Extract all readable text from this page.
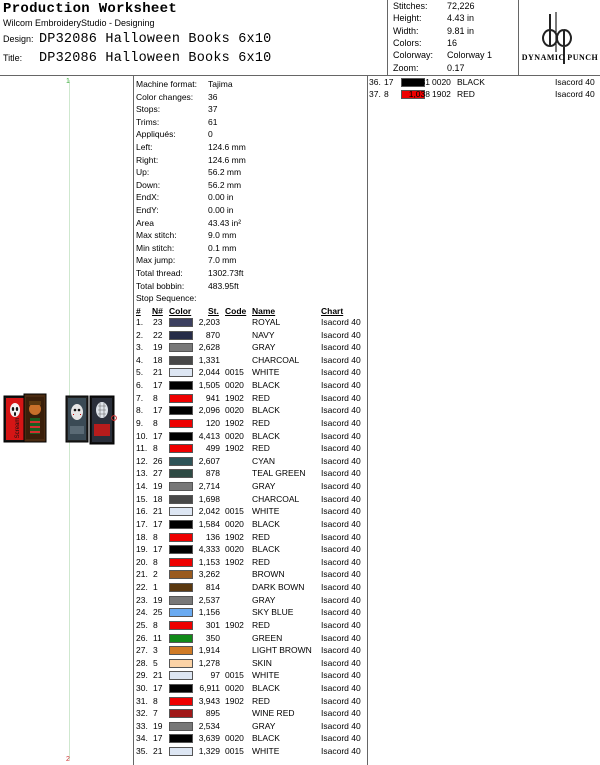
Production Worksheet
Wilcom EmbroideryStudio - Designing
Design: DP32086 Halloween Books 6x10
Title:	DP32086 Halloween Books 6x10
Stitches:	72,226
Height:	4.43 in
Width:	9.81 in
Colors:	16
Colorway:	Colorway 1
Zoom:	0.17
DYNAMIC PUNCH
1
2
Scream
Stop Sequence:
# N# Color St. Code Name	Chart
Machine format:	Tajima
Color changes:	36
Stops:	37
Trims:	61
Appliqués:	0
Left:	124.6 mm
Right:	124.6 mm
Up:	56.2 mm
Down:	56.2 mm
EndX:	0.00 in
EndY:	0.00 in
Area	43.43 in²
Max stitch:	9.0 mm
Min stitch:	0.1 mm
Max jump:	7.0 mm
Total thread:	1302.73ft
Total bobbin:	483.95ft
1. 23	2,203	ROYAL	Isacord 40
2. 22	870	NAVY	Isacord 40
3. 19	2,628	GRAY	Isacord 40
4. 18	1,331	CHARCOAL	Isacord 40
5. 21	2,044 0015 WHITE	Isacord 40
6. 17	1,505 0020 BLACK	Isacord 40
7. 8	941 1902 RED	Isacord 40
8. 17	2,096 0020 BLACK	Isacord 40
9. 8	120 1902 RED	Isacord 40
10. 17	4,413 0020 BLACK	Isacord 40
11. 8	499 1902 RED	Isacord 40
12. 26	2,607	CYAN	Isacord 40
13. 27	878	TEAL GREEN Isacord 40
14. 19	2,714	GRAY	Isacord 40
15. 18	1,698	CHARCOAL	Isacord 40
16. 21	2,042 0015 WHITE	Isacord 40
17. 17	1,584 0020 BLACK	Isacord 40
18. 8	136 1902 RED	Isacord 40
19. 17	4,333 0020 BLACK	Isacord 40
20. 8	1,153 1902 RED	Isacord 40
21. 2	3,262	BROWN	Isacord 40
22. 1	814	DARK BOWN Isacord 40
23. 19	2,537	GRAY	Isacord 40
24. 25	1,156	SKY BLUE	Isacord 40
25. 8	301 1902 RED	Isacord 40
26. 11	350	GREEN	Isacord 40
27. 3	1,914	LIGHT BROWN Isacord 40
28. 5	1,278	SKIN	Isacord 40
29. 21	97 0015 WHITE	Isacord 40
30. 17	6,911 0020 BLACK	Isacord 40
31. 8	3,943 1902 RED	Isacord 40
32. 7	895	WINE RED	Isacord 40
33. 19	2,534	GRAY	Isacord 40
34. 17	3,639 0020 BLACK	Isacord 40
35. 21	1,329 0015 WHITE	Isacord 40
36. 17 4,431 0020 BLACK	Isacord 40
37. 8 1,038 1902 RED	Isacord 40
